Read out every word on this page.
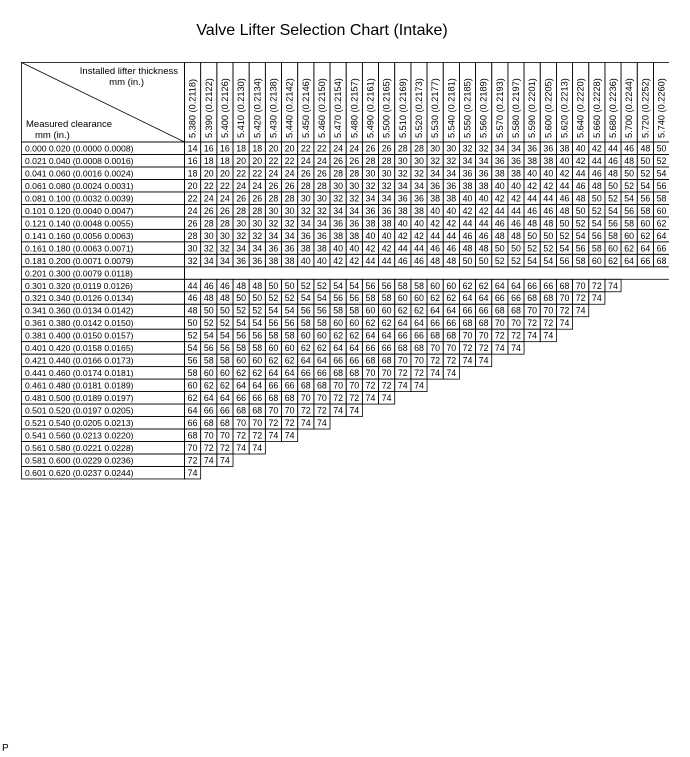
Valve Lifter Selection Chart (Intake)
Installed lifter thickness
mm (in.)
Measured clearance
mm (in.)	5.380 (0.2118) 5.390 (0.2122) 5.400 (0.2126) 5.410 (0.2130) 5.420 (0.2134) 5.430 (0.2138) 5.440 (0.2142) 5.450 (0.2146) 5.460 (0.2150) 5.470 (0.2154) 5.480 (0.2157) 5.490 (0.2161) 5.500 (0.2165) 5.510 (0.2169) 5.520 (0.2173) 5.530 (0.2177) 5.540 (0.2181) 5.550 (0.2185) 5.560 (0.2189) 5.570 (0.2193) 5.580 (0.2197) 5.590 (0.2201) 5.600 (0.2205) 5.620 (0.2213) 5.640 (0.2220) 5.660 (0.2228) 5.680 (0.2236) 5.700 (0.2244) 5.720 (0.2252) 5.740 (0.2260)
0.000 0.020 (0.0000 0.0008)	14 16 16 18 18 20 20 22 22 24 24 26 26 28 28 30 30 32 32 34 34 36 36 38 40 42 44 46 48 50
0.021 0.040 (0.0008 0.0016)	16 18 18 20 20 22 22 24 24 26 26 28 28 30 30 32 32 34 34 36 36 38 38 40 42 44 46 48 50 52
0.041 0.060 (0.0016 0.0024)	18 20 20 22 22 24 24 26 26 28 28 30 30 32 32 34 34 36 36 38 38 40 40 42 44 46 48 50 52 54
0.061 0.080 (0.0024 0.0031)	20 22 22 24 24 26 26 28 28 30 30 32 32 34 34 36 36 38 38 40 40 42 42 44 46 48 50 52 54 56
0.081 0.100 (0.0032 0.0039)	22 24 24 26 26 28 28 30 30 32 32 34 34 36 36 38 38 40 40 42 42 44 44 46 48 50 52 54 56 58
0.101 0.120 (0.0040 0.0047)	24 26 26 28 28 30 30 32 32 34 34 36 36 38 38 40 40 42 42 44 44 46 46 48 50 52 54 56 58 60
0.121 0.140 (0.0048 0.0055)	26 28 28 30 30 32 32 34 34 36 36 38 38 40 40 42 42 44 44 46 46 48 48 50 52 54 56 58 60 62
0.141 0.160 (0.0056 0.0063)	28 30 30 32 32 34 34 36 36 38 38 40 40 42 42 44 44 46 46 48 48 50 50 52 54 56 58 60 62 64
0.161 0.180 (0.0063 0.0071)	30 32 32 34 34 36 36 38 38 40 40 42 42 44 44 46 46 48 48 50 50 52 52 54 56 58 60 62 64 66
0.181 0.200 (0.0071 0.0079)	32 34 34 36 36 38 38 40 40 42 42 44 44 46 46 48 48 50 50 52 52 54 54 56 58 60 62 64 66 68
0.201 0.300 (0.0079 0.0118)
0.301 0.320 (0.0119 0.0126)	44 46 46 48 48 50 50 52 52 54 54 56 56 58 58 60 60 62 62 64 64 66 66 68 70 72 74
0.321 0.340 (0.0126 0.0134)	46 48 48 50 50 52 52 54 54 56 56 58 58 60 60 62 62 64 64 66 66 68 68 70 72 74
0.341 0.360 (0.0134 0.0142)	48 50 50 52 52 54 54 56 56 58 58 60 60 62 62 64 64 66 66 68 68 70 70 72 74
0.361 0.380 (0.0142 0.0150)	50 52 52 54 54 56 56 58 58 60 60 62 62 64 64 66 66 68 68 70 70 72 72 74
0.381 0.400 (0.0150 0.0157)	52 54 54 56 56 58 58 60 60 62 62 64 64 66 66 68 68 70 70 72 72 74 74
0.401 0.420 (0.0158 0.0165)	54 56 56 58 58 60 60 62 62 64 64 66 66 68 68 70 70 72 72 74 74
0.421 0.440 (0.0166 0.0173)	56 58 58 60 60 62 62 64 64 66 66 68 68 70 70 72 72 74 74
0.441 0.460 (0.0174 0.0181)	58 60 60 62 62 64 64 66 66 68 68 70 70 72 72 74 74
0.461 0.480 (0.0181 0.0189)	60 62 62 64 64 66 66 68 68 70 70 72 72 74 74
0.481 0.500 (0.0189 0.0197)	62 64 64 66 66 68 68 70 70 72 72 74 74
0.501 0.520 (0.0197 0.0205)	64 66 66 68 68 70 70 72 72 74 74
0.521 0.540 (0.0205 0.0213)	66 68 68 70 70 72 72 74 74
0.541 0.560 (0.0213 0.0220)	68 70 70 72 72 74 74
0.561 0.580 (0.0221 0.0228)	70 72 72 74 74
0.581 0.600 (0.0229 0.0236)	72 74 74
0.601 0.620 (0.0237 0.0244)	74
P
